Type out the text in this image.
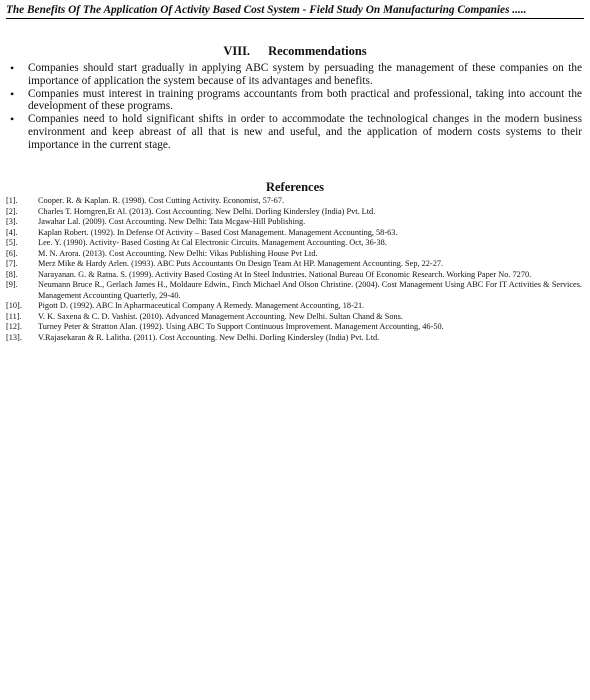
The Benefits Of The Application Of Activity Based Cost System - Field Study On Manufacturing Companies .....
VIII. Recommendations
• Companies should start gradually in applying ABC system by persuading the management of these companies on the importance of application the system because of its advantages and benefits.
• Companies must interest in training programs accountants from both practical and professional, taking into account the development of these programs.
• Companies need to hold significant shifts in order to accommodate the technological changes in the modern business environment and keep abreast of all that is new and useful, and the application of modern costs systems to their importance in the current stage.
References
[1]. Cooper. R. & Kaplan. R. (1998). Cost Cutting Activity. Economist, 57-67.
[2]. Charles T. Horngren,Et Al. (2013). Cost Accounting. New Delhi. Dorling Kindersley (India) Pvt. Ltd.
[3]. Jawahar Lal. (2009). Cost Accounting. New Delhi: Tata Mcgaw-Hill Publishing.
[4]. Kaplan Robert. (1992). In Defense Of Activity – Based Cost Management. Management Accounting, 58-63.
[5]. Lee. Y. (1990). Activity- Based Costing At Cal Electronic Circuits. Management Accounting. Oct, 36-38.
[6]. M. N. Arora. (2013). Cost Accounting. New Delhi: Vikas Publishing House Pvt Ltd.
[7]. Merz Mike & Hardy Arlen. (1993). ABC Puts Accountants On Design Team At HP. Management Accounting. Sep, 22-27.
[8]. Narayanan. G. & Ratna. S. (1999). Activity Based Costing At In Steel Industries. National Bureau Of Economic Research. Working Paper No. 7270.
[9]. Neumann Bruce R., Gerlach James H., Moldaure Edwin., Finch Michael And Olson Christine. (2004). Cost Management Using ABC For IT Activities & Services. Management Accounting Quarterly, 29-40.
[10]. Pigott D. (1992). ABC In Apharmaceutical Company A Remedy. Management Accounting, 18-21.
[11]. V. K. Saxena & C. D. Vashist. (2010). Advanced Management Accounting. New Delhi. Sultan Chand & Sons.
[12]. Turney Peter & Stratton Alan. (1992). Using ABC To Support Continuous Improvement. Management Accounting, 46-50.
[13]. V.Rajasekaran & R. Lalitha. (2011). Cost Accounting. New Delhi. Dorling Kindersley (India) Pvt. Ltd.
